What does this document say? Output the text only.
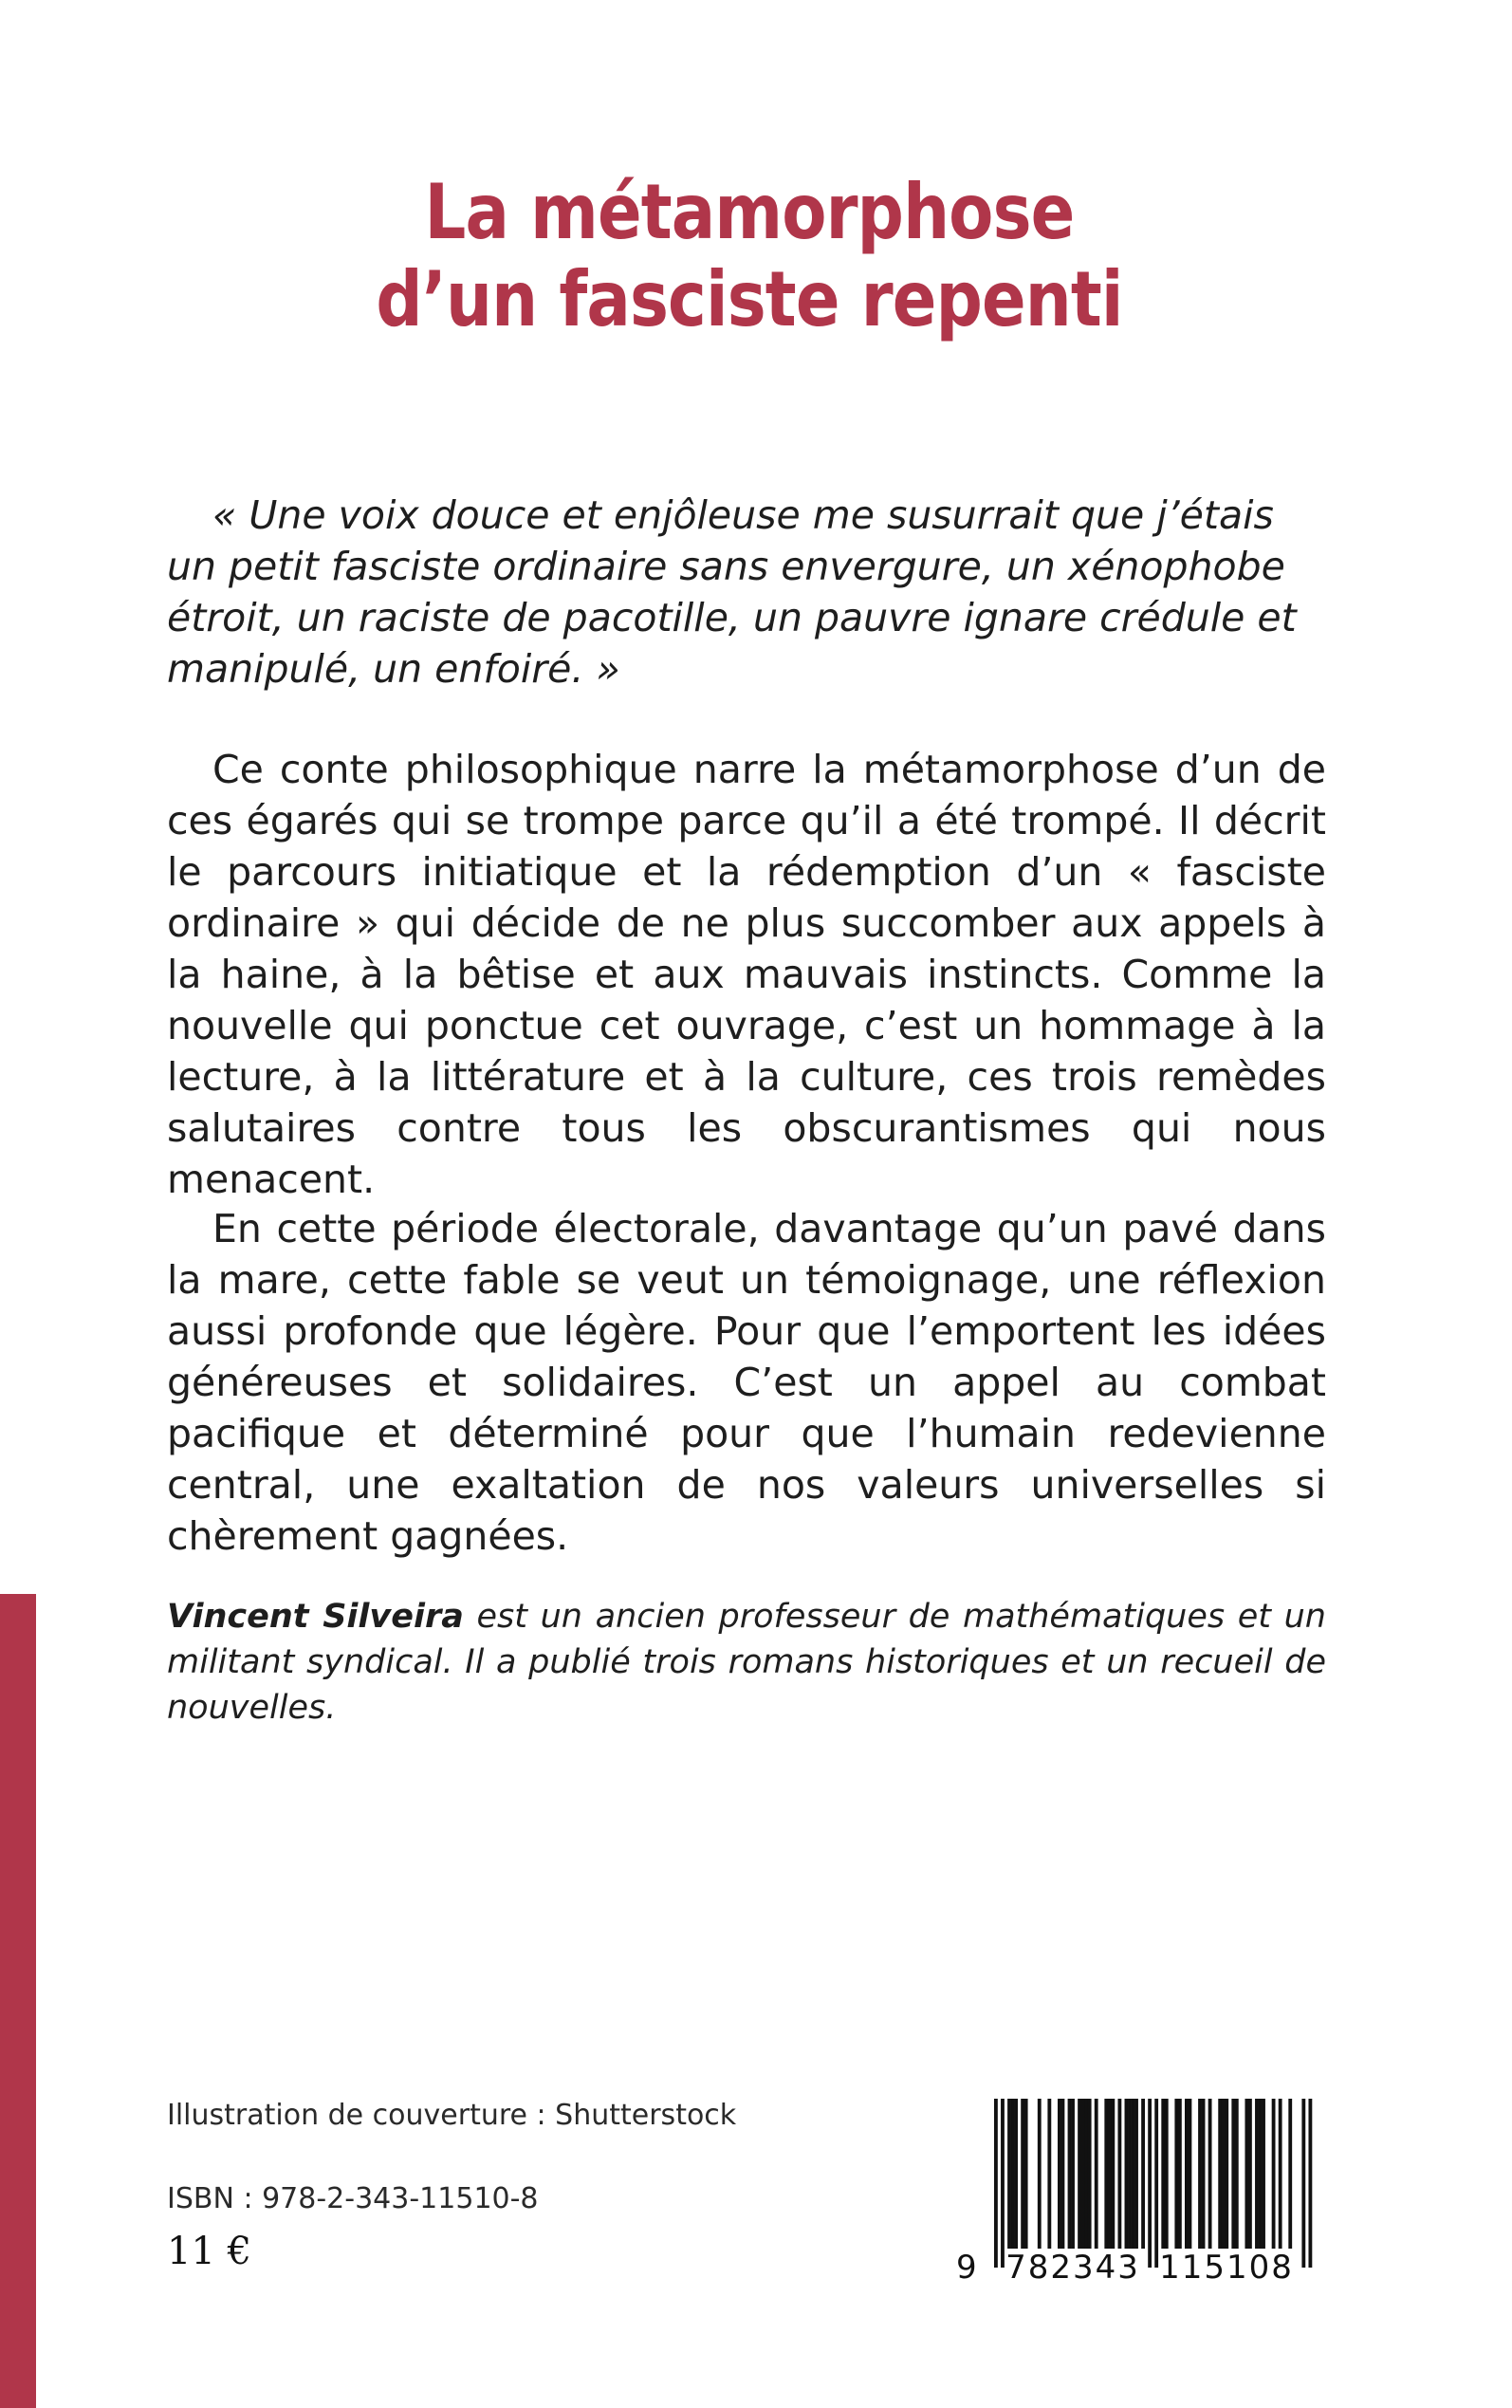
La métamorphose
d’un fasciste repenti
« Une voix douce et enjôleuse me susurrait que j’étais un petit fasciste ordinaire sans envergure, un xénophobe étroit, un raciste de pacotille, un pauvre ignare crédule et manipulé, un enfoiré. »
Ce conte philosophique narre la métamorphose d’un de ces égarés qui se trompe parce qu’il a été trompé. Il décrit le parcours initiatique et la rédemption d’un « fasciste ordinaire » qui décide de ne plus succomber aux appels à la haine, à la bêtise et aux mauvais instincts. Comme la nouvelle qui ponctue cet ouvrage, c’est un hommage à la lecture, à la littérature et à la culture, ces trois remèdes salutaires contre tous les obscurantismes qui nous menacent.
En cette période électorale, davantage qu’un pavé dans la mare, cette fable se veut un témoignage, une réflexion aussi profonde que légère. Pour que l’emportent les idées généreuses et solidaires. C’est un appel au combat pacifique et déterminé pour que l’humain redevienne central, une exaltation de nos valeurs universelles si chèrement gagnées.
Vincent Silveira est un ancien professeur de mathématiques et un militant syndical. Il a publié trois romans historiques et un recueil de nouvelles.
Illustration de couverture : Shutterstock
ISBN : 978-2-343-11510-8
11 €	9 782343 115108
